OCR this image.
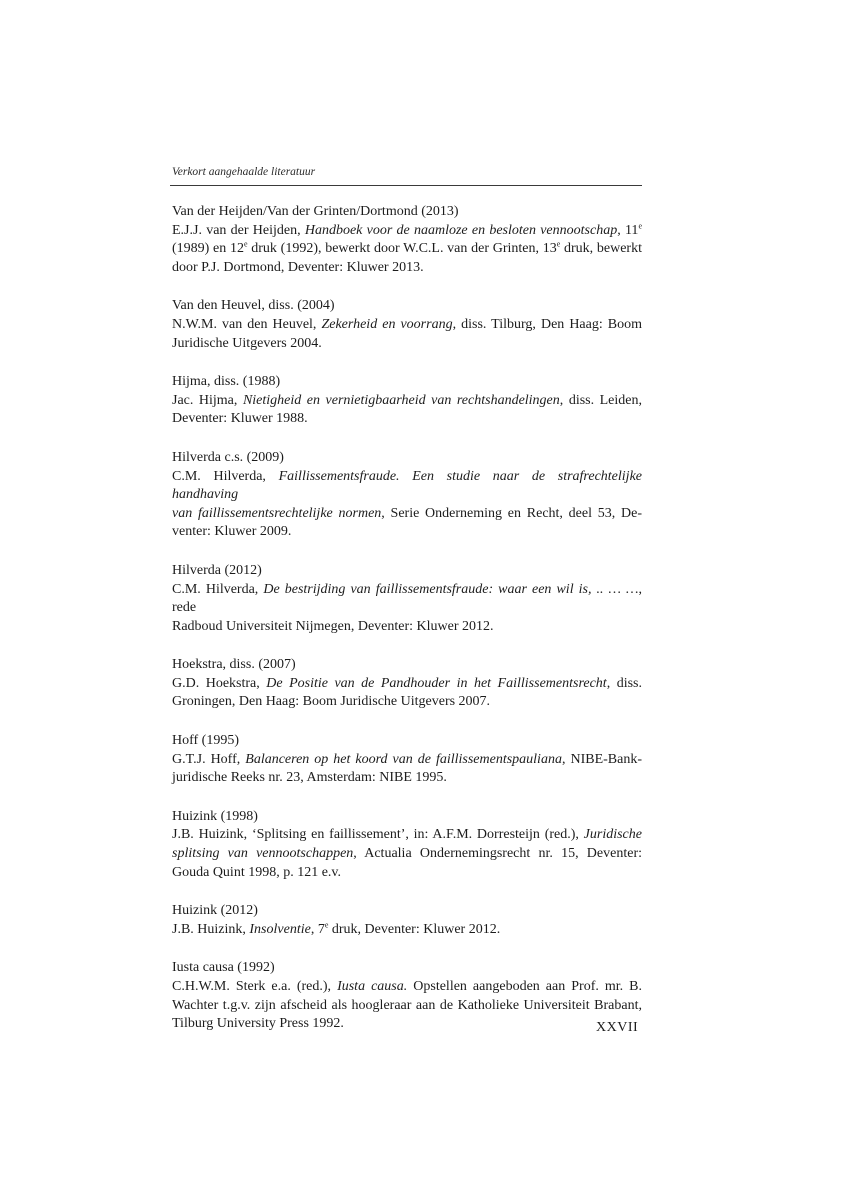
Verkort aangehaalde literatuur
Van der Heijden/Van der Grinten/Dortmond (2013)
E.J.J. van der Heijden, Handboek voor de naamloze en besloten vennootschap, 11e
(1989) en 12e druk (1992), bewerkt door W.C.L. van der Grinten, 13e druk, bewerkt
door P.J. Dortmond, Deventer: Kluwer 2013.
Van den Heuvel, diss. (2004)
N.W.M. van den Heuvel, Zekerheid en voorrang, diss. Tilburg, Den Haag: Boom
Juridische Uitgevers 2004.
Hijma, diss. (1988)
Jac. Hijma, Nietigheid en vernietigbaarheid van rechtshandelingen, diss. Leiden,
Deventer: Kluwer 1988.
Hilverda c.s. (2009)
C.M. Hilverda, Faillissementsfraude. Een studie naar de strafrechtelijke handhaving
van faillissementsrechtelijke normen, Serie Onderneming en Recht, deel 53, De-
venter: Kluwer 2009.
Hilverda (2012)
C.M. Hilverda, De bestrijding van faillissementsfraude: waar een wil is, .. … …, rede
Radboud Universiteit Nijmegen, Deventer: Kluwer 2012.
Hoekstra, diss. (2007)
G.D. Hoekstra, De Positie van de Pandhouder in het Faillissementsrecht, diss.
Groningen, Den Haag: Boom Juridische Uitgevers 2007.
Hoff (1995)
G.T.J. Hoff, Balanceren op het koord van de faillissementspauliana, NIBE-Bank-
juridische Reeks nr. 23, Amsterdam: NIBE 1995.
Huizink (1998)
J.B. Huizink, ‘Splitsing en faillissement’, in: A.F.M. Dorresteijn (red.), Juridische
splitsing van vennootschappen, Actualia Ondernemingsrecht nr. 15, Deventer:
Gouda Quint 1998, p. 121 e.v.
Huizink (2012)
J.B. Huizink, Insolventie, 7e druk, Deventer: Kluwer 2012.
Iusta causa (1992)
C.H.W.M. Sterk e.a. (red.), Iusta causa. Opstellen aangeboden aan Prof. mr. B.
Wachter t.g.v. zijn afscheid als hoogleraar aan de Katholieke Universiteit Brabant,
Tilburg University Press 1992.	XXVII
